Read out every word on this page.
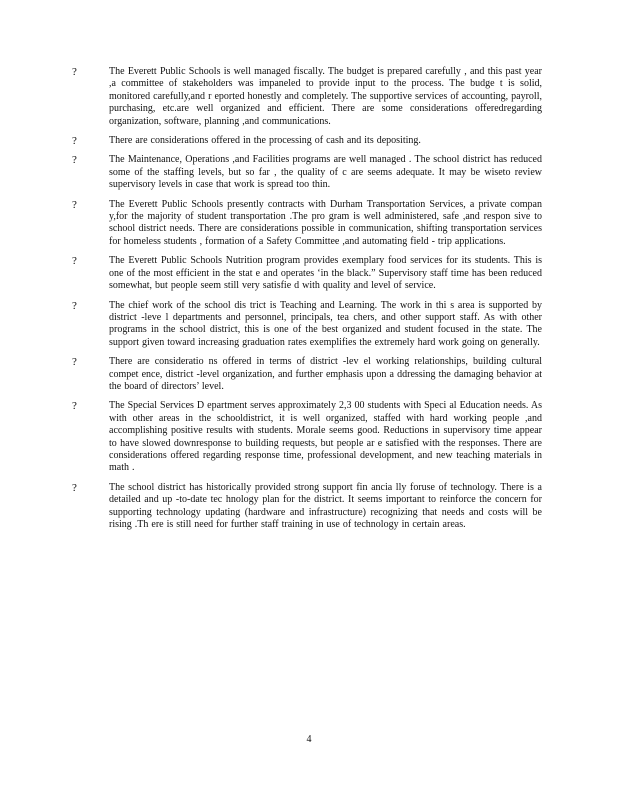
?	The Everett Public Schools is well managed fiscally. The budget is prepared carefully , and this past year ,a committee of stakeholders was impaneled to provide input to the process. The budge t is solid, monitored carefully,and r eported honestly and completely. The supportive services of accounting, payroll, purchasing, etc.are well organized and efficient. There are some considerations offeredregarding organization, software, planning ,and communications.
?	There are considerations offered in the processing of cash and its depositing.
?	The Maintenance, Operations ,and Facilities programs are well managed . The school district has reduced some of the staffing levels, but so far , the quality of c are seems adequate. It may be wiseto review supervisory levels in case that work is spread too thin.
?	The Everett Public Schools presently contracts with Durham Transportation Services, a private compan y,for the majority of student transportation .The pro gram is well administered, safe ,and respon sive to school district needs. There are considerations possible in communication, shifting transportation services for homeless students , formation of a Safety Committee ,and automating field - trip applications.
?	The Everett Public Schools Nutrition program provides exemplary food services for its students. This is one of the most efficient in the stat e and operates ‘in the black.” Supervisory staff time has been reduced somewhat, but people seem still very satisfie d with quality and level of service.
?	The chief work of the school dis trict is Teaching and Learning. The work in thi s area is supported by district -leve l departments and personnel, principals, tea chers, and other support staff. As with other programs in the school district, this is one of the best organized and student focused in the state. The support given toward increasing graduation rates exemplifies the extremely hard work going on generally.
?	There are consideratio ns offered in terms of district -lev el working relationships, building cultural compet ence, district -level organization, and further emphasis upon a ddressing the damaging behavior at the board of directors’ level.
?	The Special Services D epartment serves approximately 2,3 00 students with Speci al Education needs. As with other areas in the schooldistrict, it is well organized, staffed with hard working people ,and accomplishing positive results with students. Morale seems good. Reductions in supervisory time appear to have slowed downresponse to building requests, but people ar e satisfied with the responses. There are considerations offered regarding response time, professional development, and new teaching materials in math .
?	The school district has historically provided strong support fin ancia lly foruse of technology. There is a detailed and up -to-date tec hnology plan for the district. It seems important to reinforce the concern for supporting technology updating (hardware and infrastructure) recognizing that needs and costs will be rising .Th ere is still need for further staff training in use of technology in certain areas.
4
